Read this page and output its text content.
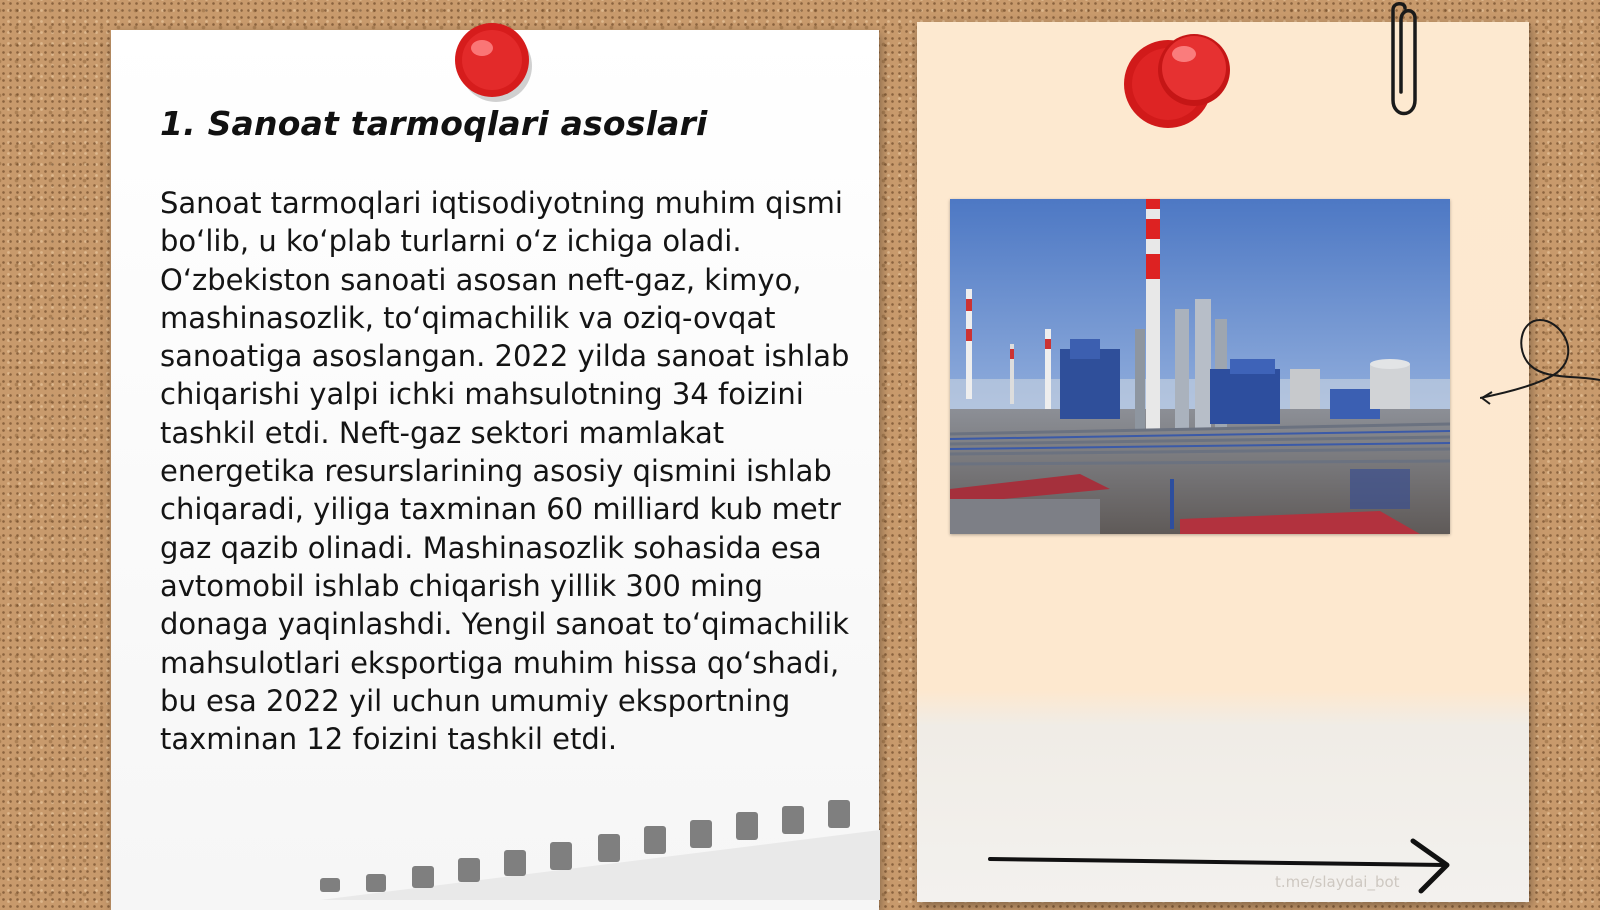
1. Sanoat tarmoqlari asoslari
Sanoat tarmoqlari iqtisodiyotning muhim qismi bo‘lib, u ko‘plab turlarni o‘z ichiga oladi. O‘zbekiston sanoati asosan neft-gaz, kimyo, mashinasozlik, to‘qimachilik va oziq-ovqat sanoatiga asoslangan. 2022 yilda sanoat ishlab chiqarishi yalpi ichki mahsulotning 34 foizini tashkil etdi. Neft-gaz sektori mamlakat energetika resurslarining asosiy qismini ishlab chiqaradi, yiliga taxminan 60 milliard kub metr gaz qazib olinadi. Mashinasozlik sohasida esa avtomobil ishlab chiqarish yillik 300 ming donaga yaqinlashdi. Yengil sanoat to‘qimachilik mahsulotlari eksportiga muhim hissa qo‘shadi, bu esa 2022 yil uchun umumiy eksportning taxminan 12 foizini tashkil etdi.
t.me/slaydai_bot
